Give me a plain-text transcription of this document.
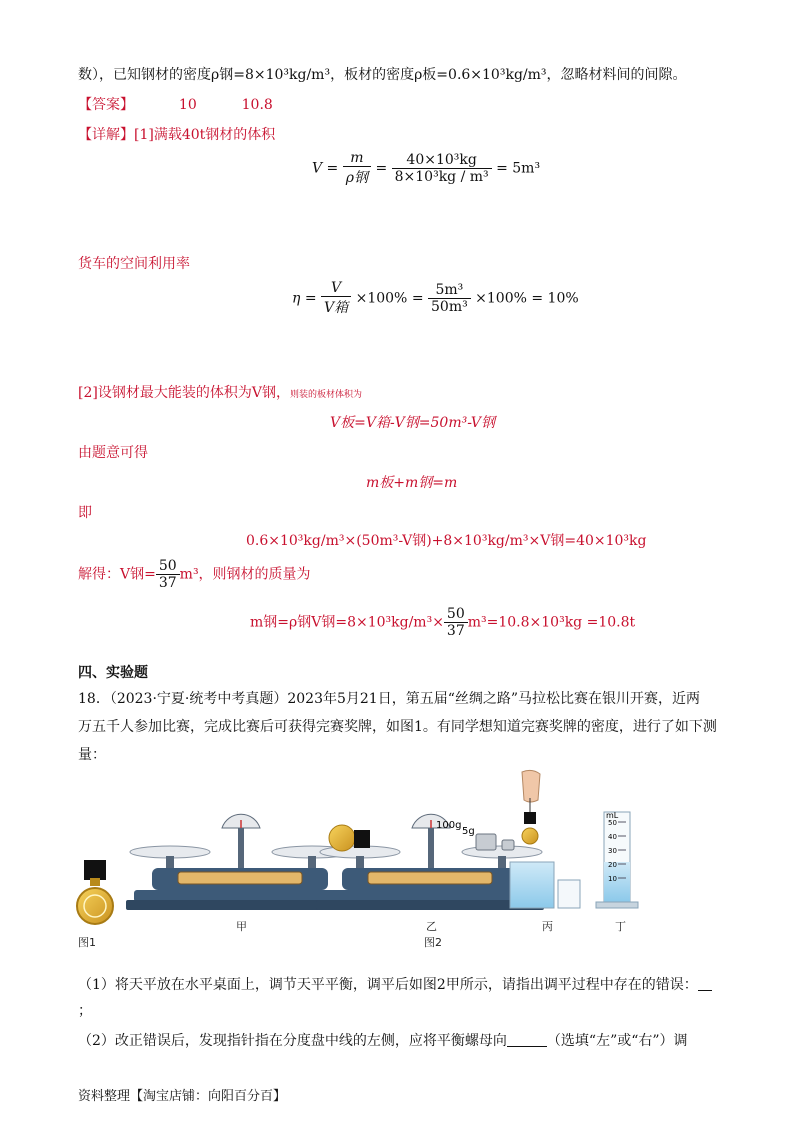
数），已知钢材的密度ρ钢=8×10³kg/m³，板材的密度ρ板=0.6×10³kg/m³，忽略材料间的间隙。
【答案】	10	10.8
【详解】[1]满载40t钢材的体积
$V = \frac{m}{\text{ρ钢}} = \frac{\text{40×10³kg}}{\text{8×10³kg / m³}} = 5m^3$
货车的空间利用率
$\eta = \frac{V}{\text{V箱}} \times 100\% = \frac{\text{5m³}}{\text{50m³}} \times 100\% = 10\%$
[2]设钢材最大能装的体积为V钢，则装的板材体积为
V板=V箱-V钢=50m³-V钢
由题意可得
m板+m钢=m
即
0.6×10³kg/m³×(50m³-V钢)+8×10³kg/m³×V钢=40×10³kg
解得：V钢= $\frac{50}{37} m^3$，则钢材的质量为
m钢=ρ钢V钢$=8\times 10^3kg/m^3\times \frac{50}{37} m^3=10.8\times 10^3kg =10.8t$
四、实验题
18．（2023·宁夏·统考中考真题）2023年5月21日，第五届“丝绸之路”马拉松比赛在银川开赛，近两
万五千人参加比赛，完成比赛后可获得完赛奖牌，如图1。有同学想知道完赛奖牌的密度，进行了如下测
量：
100g
5g
mL
50
40
30
20
10
图1
甲	乙	丙	丁
图2
（1）将天平放在水平桌面上，调节天平平衡，调平后如图2甲所示，请指出调平过程中存在的错误：
；
（2）改正错误后，发现指针指在分度盘中线的左侧，应将平衡螺母向	（选填“左”或“右”）调
资料整理【淘宝店铺：向阳百分百】
